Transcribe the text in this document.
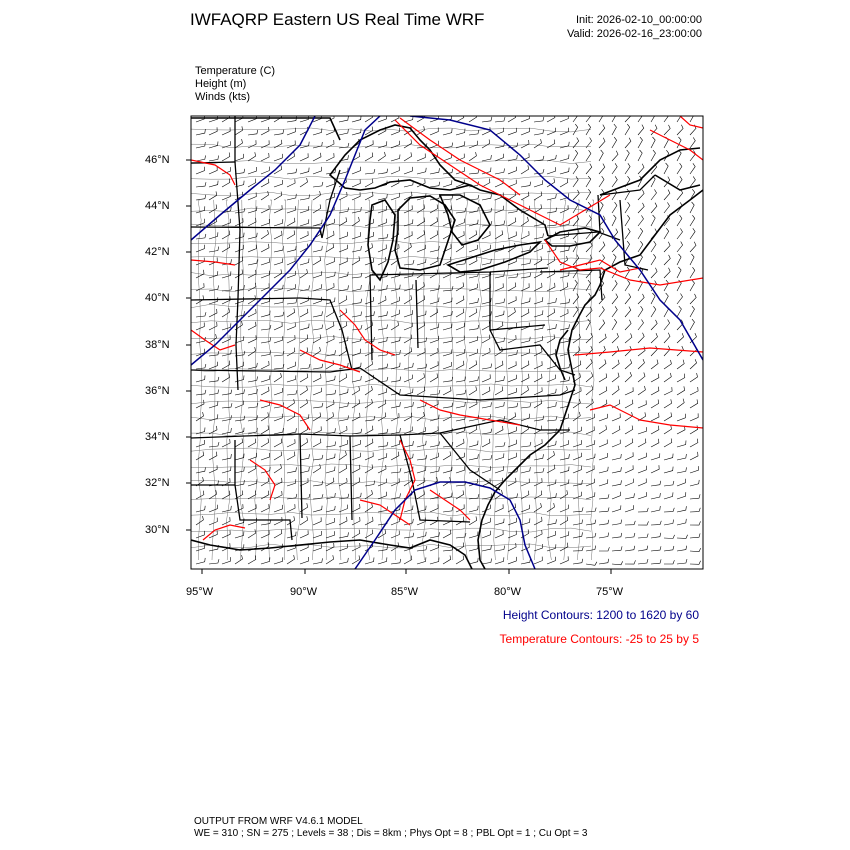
IWFAQRP Eastern US Real Time WRF	Init: 2026-02-10_00:00:00
Valid: 2026-02-16_23:00:00
Temperature (C)
Height (m)
Winds (kts)
46°N
44°N
42°N
40°N
38°N
36°N
34°N
32°N
30°N
95°W	90°W	85°W	80°W	75°W
Height Contours: 1200 to 1620 by 60
Temperature Contours: -25 to 25 by 5
OUTPUT FROM WRF V4.6.1 MODEL
WE = 310 ; SN = 275 ; Levels = 38 ; Dis = 8km ; Phys Opt = 8 ; PBL Opt = 1 ; Cu Opt = 3
